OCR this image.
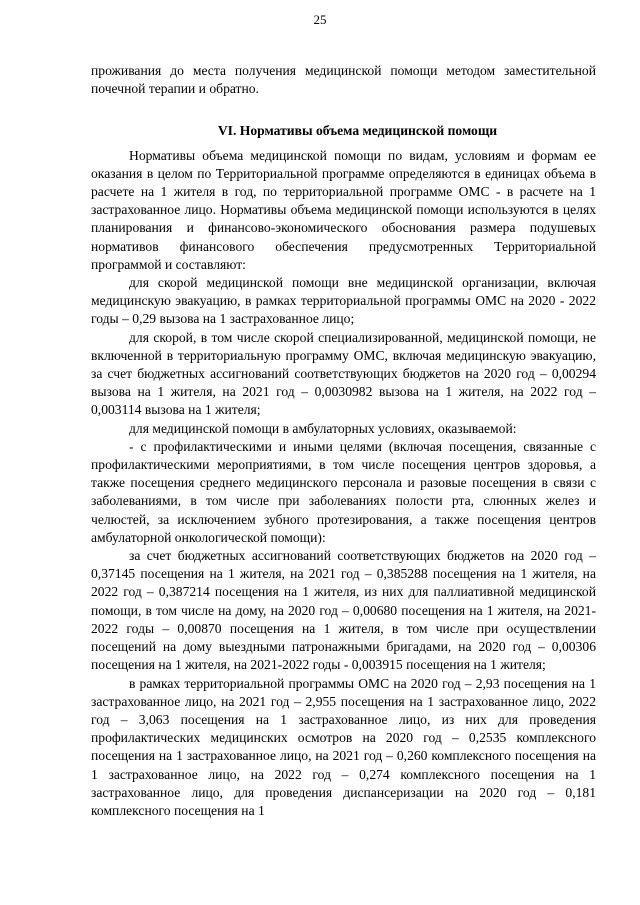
25

проживания до места получения медицинской помощи методом заместительной почечной терапии и обратно.

VI. Нормативы объема медицинской помощи

Нормативы объема медицинской помощи по видам, условиям и формам ее оказания в целом по Территориальной программе определяются в единицах объема в расчете на 1 жителя в год, по территориальной программе ОМС - в расчете на 1 застрахованное лицо. Нормативы объема медицинской помощи используются в целях планирования и финансово-экономического обоснования размера подушевых нормативов финансового обеспечения предусмотренных Территориальной программой и составляют:

для скорой медицинской помощи вне медицинской организации, включая медицинскую эвакуацию, в рамках территориальной программы ОМС на 2020 - 2022 годы – 0,29 вызова на 1 застрахованное лицо;

для скорой, в том числе скорой специализированной, медицинской помощи, не включенной в территориальную программу ОМС, включая медицинскую эвакуацию, за счет бюджетных ассигнований соответствующих бюджетов на 2020 год – 0,00294 вызова на 1 жителя, на 2021 год – 0,0030982 вызова на 1 жителя, на 2022 год – 0,003114 вызова на 1 жителя;

для медицинской помощи в амбулаторных условиях, оказываемой:

- с профилактическими и иными целями (включая посещения, связанные с профилактическими мероприятиями, в том числе посещения центров здоровья, а также посещения среднего медицинского персонала и разовые посещения в связи с заболеваниями, в том числе при заболеваниях полости рта, слюнных желез и челюстей, за исключением зубного протезирования, а также посещения центров амбулаторной онкологической помощи):

за счет бюджетных ассигнований соответствующих бюджетов на 2020 год – 0,37145 посещения на 1 жителя, на 2021 год – 0,385288 посещения на 1 жителя, на 2022 год – 0,387214 посещения на 1 жителя, из них для паллиативной медицинской помощи, в том числе на дому, на 2020 год – 0,00680 посещения на 1 жителя, на 2021- 2022 годы – 0,00870 посещения на 1 жителя, в том числе при осуществлении посещений на дому выездными патронажными бригадами, на 2020 год – 0,00306 посещения на 1 жителя, на 2021-2022 годы - 0,003915 посещения на 1 жителя;

в рамках территориальной программы ОМС на 2020 год – 2,93 посещения на 1 застрахованное лицо, на 2021 год – 2,955 посещения на 1 застрахованное лицо, 2022 год – 3,063 посещения на 1 застрахованное лицо, из них для проведения профилактических медицинских осмотров на 2020 год – 0,2535 комплексного посещения на 1 застрахованное лицо, на 2021 год – 0,260 комплексного посещения на 1 застрахованное лицо, на 2022 год – 0,274 комплексного посещения на 1 застрахованное лицо, для проведения диспансеризации на 2020 год – 0,181 комплексного посещения на 1
